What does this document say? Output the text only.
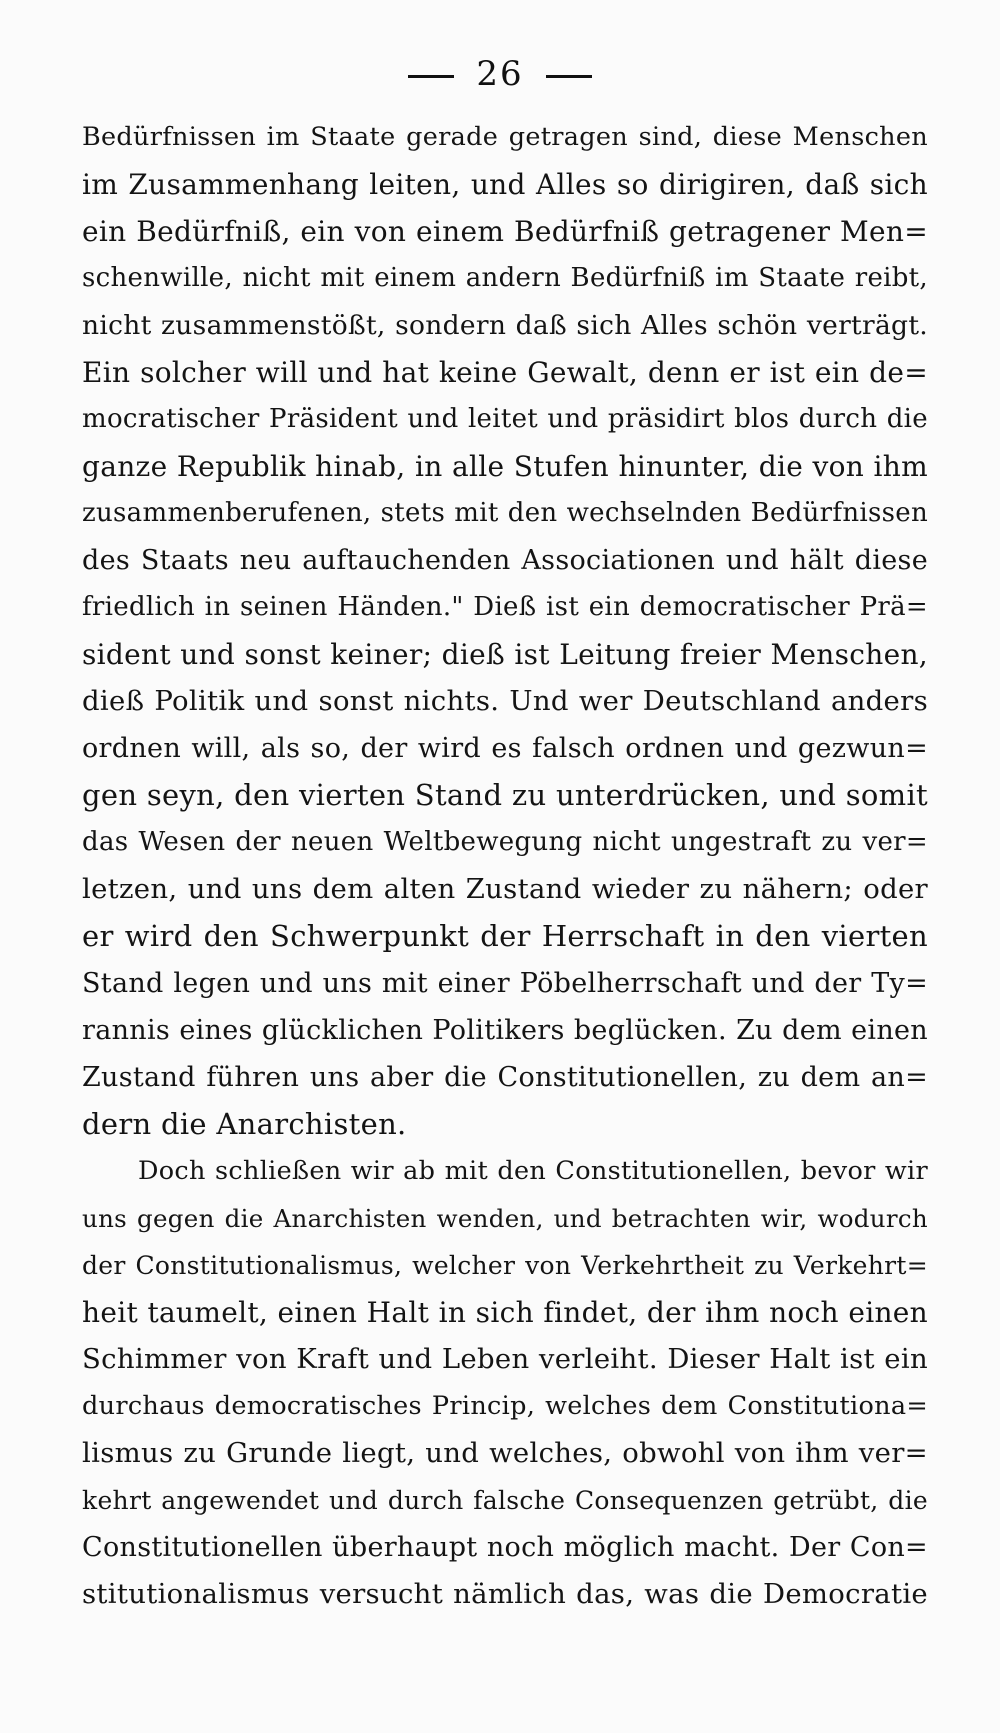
26
Bedürfnissen im Staate gerade getragen sind, diese Menschen
im Zusammenhang leiten, und Alles so dirigiren, daß sich
ein Bedürfniß, ein von einem Bedürfniß getragener Men=
schenwille, nicht mit einem andern Bedürfniß im Staate reibt,
nicht zusammenstößt, sondern daß sich Alles schön verträgt.
Ein solcher will und hat keine Gewalt, denn er ist ein de=
mocratischer Präsident und leitet und präsidirt blos durch die
ganze Republik hinab, in alle Stufen hinunter, die von ihm
zusammenberufenen, stets mit den wechselnden Bedürfnissen
des Staats neu auftauchenden Associationen und hält diese
friedlich in seinen Händen." Dieß ist ein democratischer Prä=
sident und sonst keiner; dieß ist Leitung freier Menschen,
dieß Politik und sonst nichts. Und wer Deutschland anders
ordnen will, als so, der wird es falsch ordnen und gezwun=
gen seyn, den vierten Stand zu unterdrücken, und somit
das Wesen der neuen Weltbewegung nicht ungestraft zu ver=
letzen, und uns dem alten Zustand wieder zu nähern; oder
er wird den Schwerpunkt der Herrschaft in den vierten
Stand legen und uns mit einer Pöbelherrschaft und der Ty=
rannis eines glücklichen Politikers beglücken. Zu dem einen
Zustand führen uns aber die Constitutionellen, zu dem an=
dern die Anarchisten.
Doch schließen wir ab mit den Constitutionellen, bevor wir
uns gegen die Anarchisten wenden, und betrachten wir, wodurch
der Constitutionalismus, welcher von Verkehrtheit zu Verkehrt=
heit taumelt, einen Halt in sich findet, der ihm noch einen
Schimmer von Kraft und Leben verleiht. Dieser Halt ist ein
durchaus democratisches Princip, welches dem Constitutiona=
lismus zu Grunde liegt, und welches, obwohl von ihm ver=
kehrt angewendet und durch falsche Consequenzen getrübt, die
Constitutionellen überhaupt noch möglich macht. Der Con=
stitutionalismus versucht nämlich das, was die Democratie
